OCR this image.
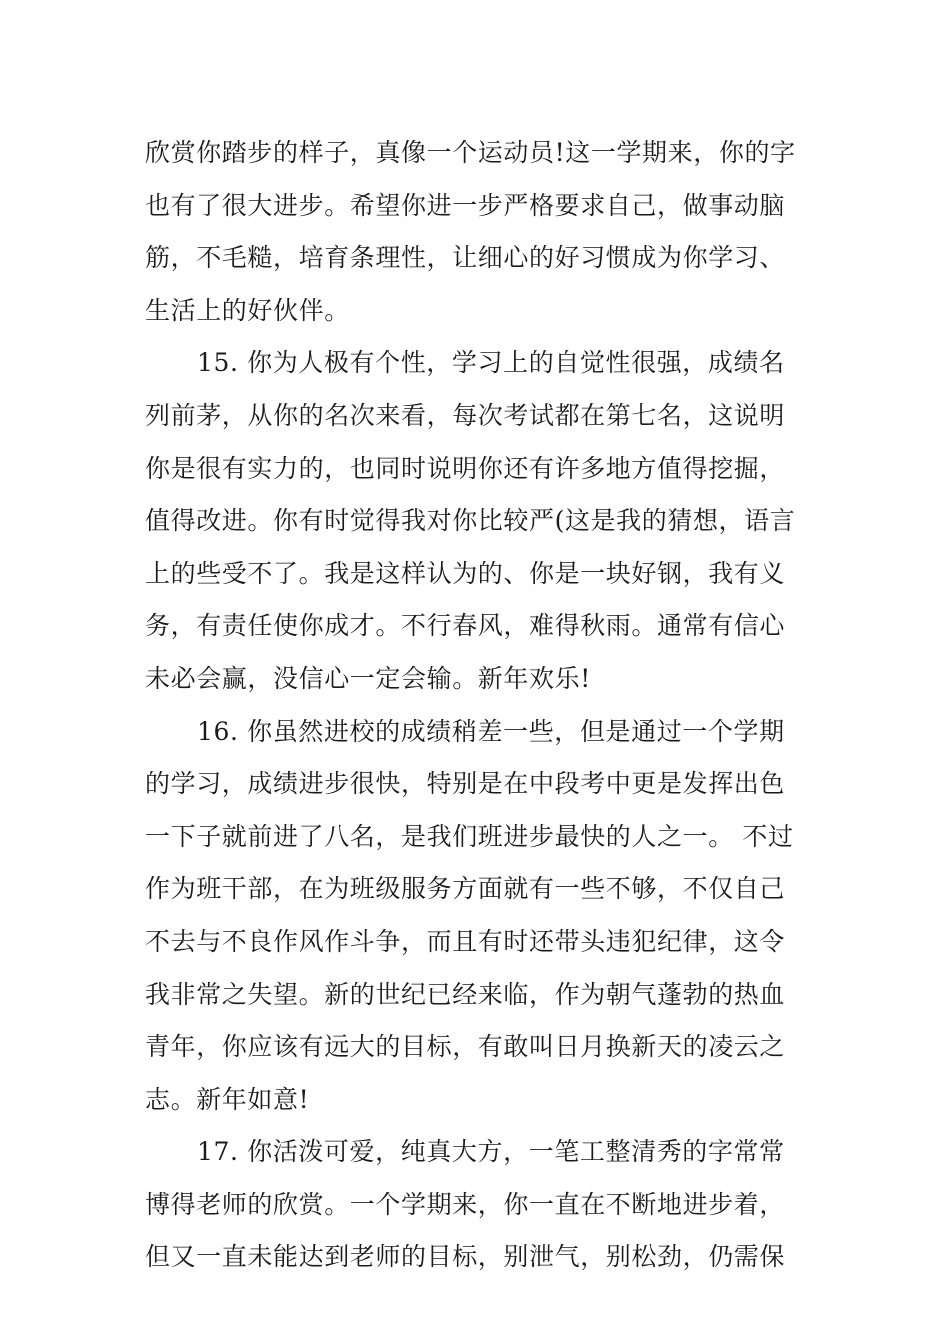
欣赏你踏步的样子，真像一个运动员!这一学期来，你的字
也有了很大进步。希望你进一步严格要求自己，做事动脑
筋，不毛糙，培育条理性，让细心的好习惯成为你学习、
生活上的好伙伴。
15. 你为人极有个性，学习上的自觉性很强，成绩名
列前茅，从你的名次来看，每次考试都在第七名，这说明
你是很有实力的，也同时说明你还有许多地方值得挖掘，
值得改进。你有时觉得我对你比较严(这是我的猜想，语言
上的些受不了。我是这样认为的、你是一块好钢，我有义
务，有责任使你成才。不行春风，难得秋雨。通常有信心
未必会赢，没信心一定会输。新年欢乐!
16. 你虽然进校的成绩稍差一些，但是通过一个学期
的学习，成绩进步很快，特别是在中段考中更是发挥出色
一下子就前进了八名，是我们班进步最快的人之一。 不过
作为班干部，在为班级服务方面就有一些不够，不仅自己
不去与不良作风作斗争，而且有时还带头违犯纪律，这令
我非常之失望。新的世纪已经来临，作为朝气蓬勃的热血
青年，你应该有远大的目标，有敢叫日月换新天的凌云之
志。新年如意!
17. 你活泼可爱，纯真大方，一笔工整清秀的字常常
博得老师的欣赏。一个学期来，你一直在不断地进步着，
但又一直未能达到老师的目标，别泄气，别松劲，仍需保
